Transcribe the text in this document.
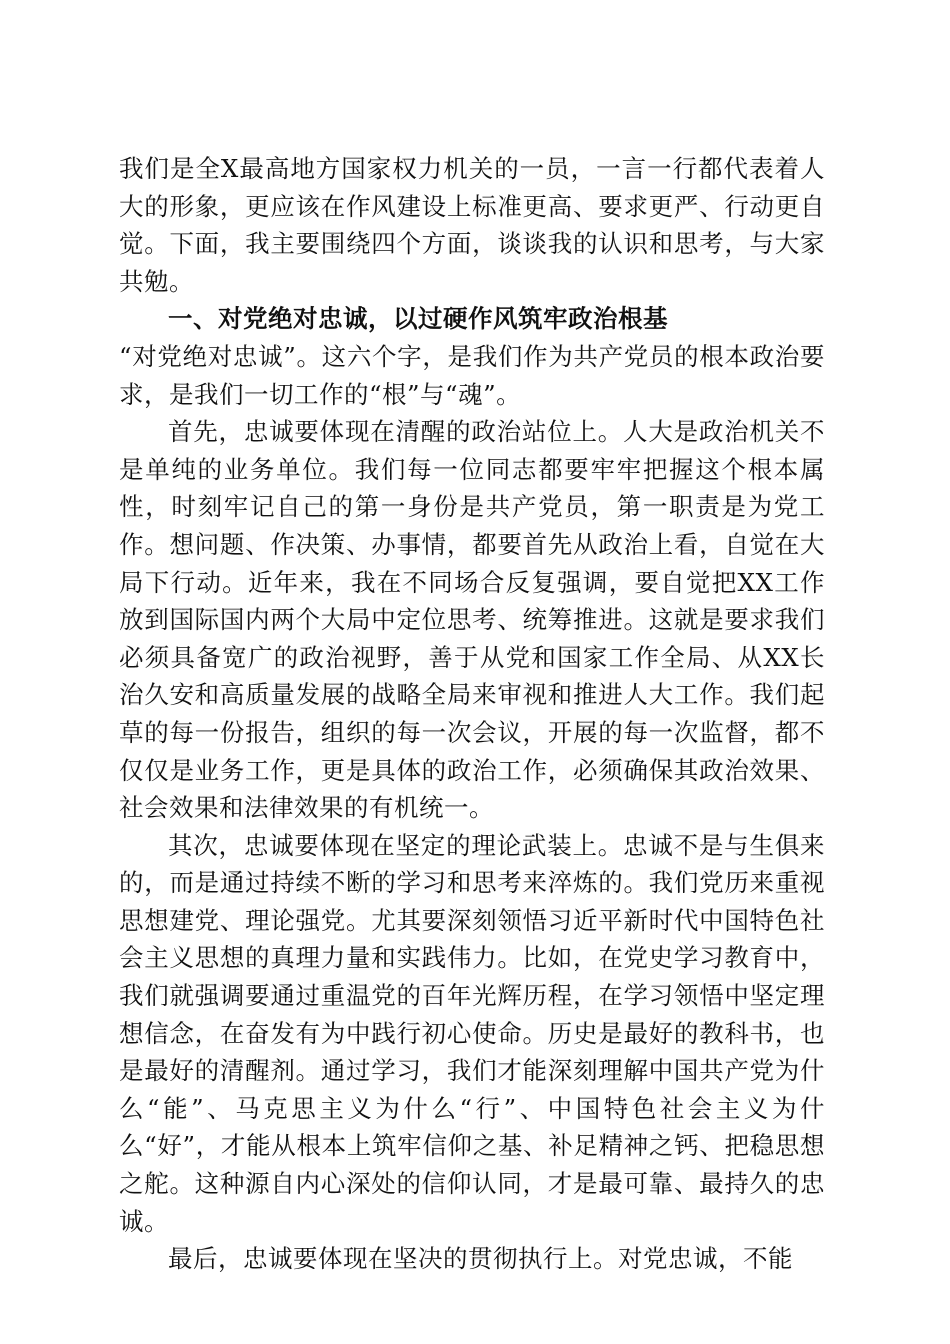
我们是全X最高地方国家权力机关的一员，一言一行都代表着人大的形象，更应该在作风建设上标准更高、要求更严、行动更自觉。下面，我主要围绕四个方面，谈谈我的认识和思考，与大家共勉。

一、对党绝对忠诚，以过硬作风筑牢政治根基

“对党绝对忠诚”。这六个字，是我们作为共产党员的根本政治要求，是我们一切工作的“根”与“魂”。

首先，忠诚要体现在清醒的政治站位上。人大是政治机关不是单纯的业务单位。我们每一位同志都要牢牢把握这个根本属性，时刻牢记自己的第一身份是共产党员，第一职责是为党工作。想问题、作决策、办事情，都要首先从政治上看，自觉在大局下行动。近年来，我在不同场合反复强调，要自觉把XX工作放到国际国内两个大局中定位思考、统筹推进。这就是要求我们必须具备宽广的政治视野，善于从党和国家工作全局、从XX长治久安和高质量发展的战略全局来审视和推进人大工作。我们起草的每一份报告，组织的每一次会议，开展的每一次监督，都不仅仅是业务工作，更是具体的政治工作，必须确保其政治效果、社会效果和法律效果的有机统一。

其次，忠诚要体现在坚定的理论武装上。忠诚不是与生俱来的，而是通过持续不断的学习和思考来淬炼的。我们党历来重视思想建党、理论强党。尤其要深刻领悟习近平新时代中国特色社会主义思想的真理力量和实践伟力。比如，在党史学习教育中，我们就强调要通过重温党的百年光辉历程，在学习领悟中坚定理想信念，在奋发有为中践行初心使命。历史是最好的教科书，也是最好的清醒剂。通过学习，我们才能深刻理解中国共产党为什么“能”、马克思主义为什么“行”、中国特色社会主义为什么“好”，才能从根本上筑牢信仰之基、补足精神之钙、把稳思想之舵。这种源自内心深处的信仰认同，才是最可靠、最持久的忠诚。

最后，忠诚要体现在坚决的贯彻执行上。对党忠诚，不能
